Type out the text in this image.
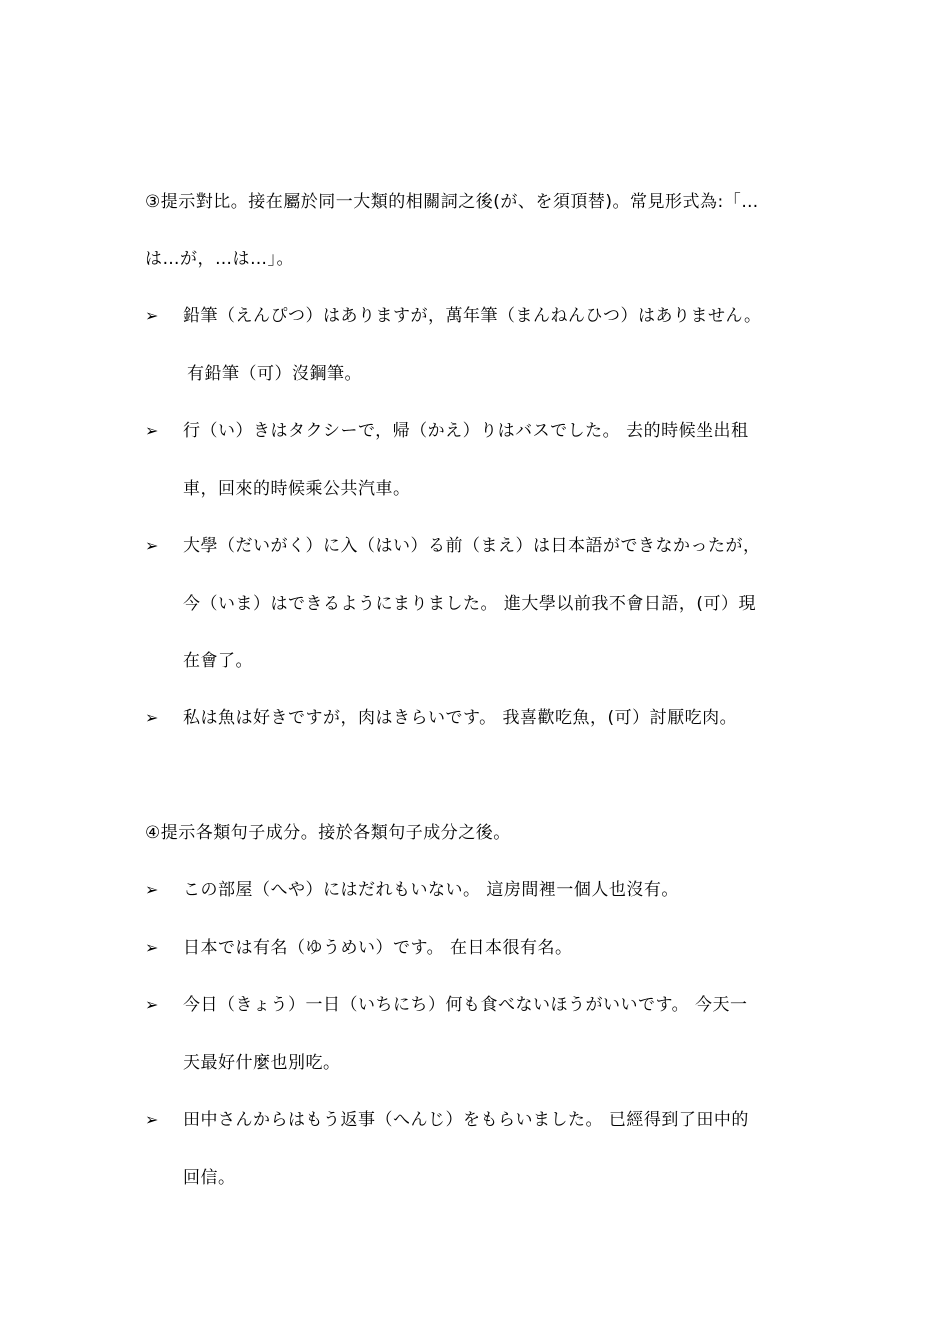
③提示對比。接在屬於同一大類的相關詞之後(が、を須頂替)。常見形式為:「…
は…が，…は…」。
➢ 鉛筆（えんぴつ）はありますが，萬年筆（まんねんひつ）はありません。
有鉛筆（可）沒鋼筆。
➢ 行（い）きはタクシーで，帰（かえ）りはバスでした。 去的時候坐出租
車，回來的時候乘公共汽車。
➢ 大學（だいがく）に入（はい）る前（まえ）は日本語ができなかったが，
今（いま）はできるようにまりました。 進大學以前我不會日語，(可）現
在會了。
➢ 私は魚は好きですが，肉はきらいです。 我喜歡吃魚，(可）討厭吃肉。
④提示各類句子成分。接於各類句子成分之後。
➢ この部屋（へや）にはだれもいない。 這房間裡一個人也沒有。
➢ 日本では有名（ゆうめい）です。 在日本很有名。
➢ 今日（きょう）一日（いちにち）何も食べないほうがいいです。 今天一
天最好什麼也別吃。
➢ 田中さんからはもう返事（へんじ）をもらいました。 已經得到了田中的
回信。
